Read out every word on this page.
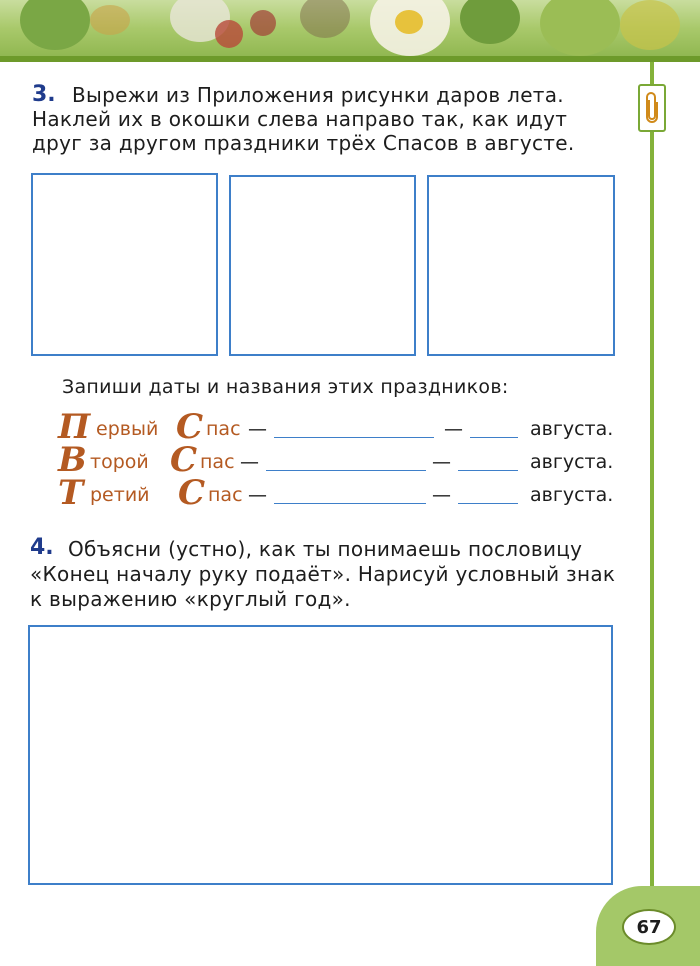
3. Вырежи из Приложения рисунки даров лета.
Наклей их в окошки слева направо так, как идут
друг за другом праздники трёх Спасов в августе.
Запиши даты и названия этих праздников:
П ервый С пас —	—	августа.
В торой С пас —	—	августа.
Т ретий С пас —	—	августа.
4. Объясни (устно), как ты понимаешь пословицу
«Конец началу руку подаёт». Нарисуй условный знак
к выражению «круглый год».
67
